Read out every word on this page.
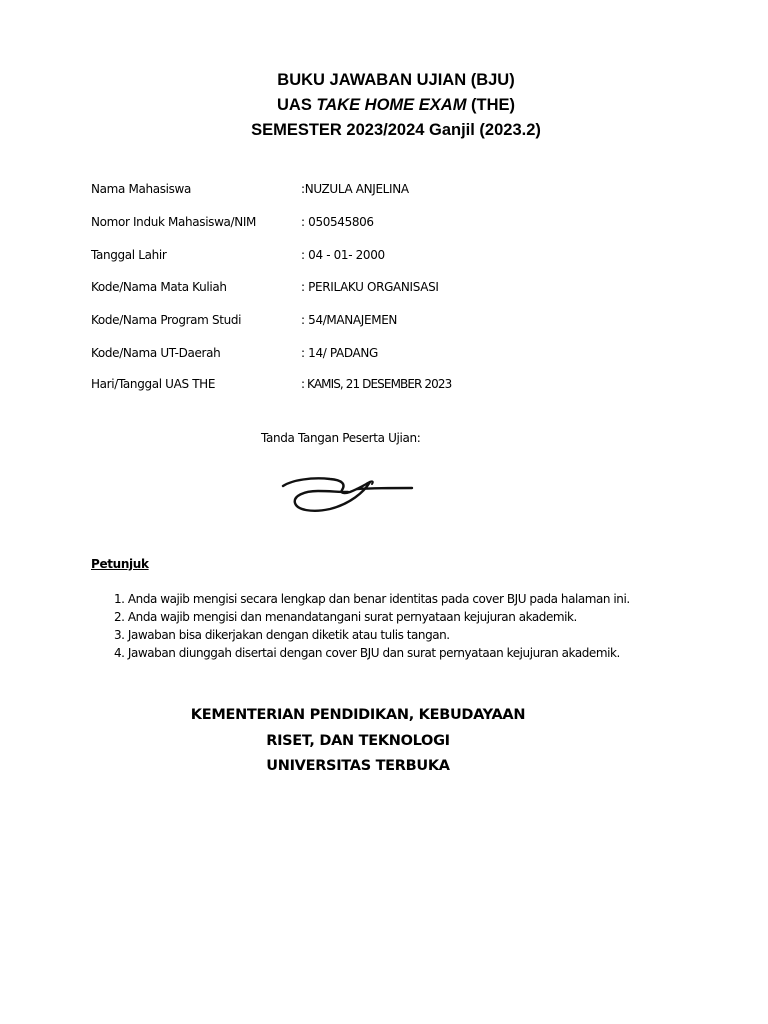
BUKU JAWABAN UJIAN (BJU)
UAS TAKE HOME EXAM (THE)
SEMESTER 2023/2024 Ganjil (2023.2)
Nama Mahasiswa	:NUZULA ANJELINA
Nomor Induk Mahasiswa/NIM	: 050545806
Tanggal Lahir	: 04 - 01- 2000
Kode/Nama Mata Kuliah	: PERILAKU ORGANISASI
Kode/Nama Program Studi	: 54/MANAJEMEN
Kode/Nama UT-Daerah	: 14/ PADANG
Hari/Tanggal UAS THE	: KAMIS, 21 DESEMBER 2023
Tanda Tangan Peserta Ujian:
Petunjuk
1. Anda wajib mengisi secara lengkap dan benar identitas pada cover BJU pada halaman ini.
2. Anda wajib mengisi dan menandatangani surat pernyataan kejujuran akademik.
3. Jawaban bisa dikerjakan dengan diketik atau tulis tangan.
4. Jawaban diunggah disertai dengan cover BJU dan surat pernyataan kejujuran akademik.
KEMENTERIAN PENDIDIKAN, KEBUDAYAAN
RISET, DAN TEKNOLOGI
UNIVERSITAS TERBUKA
